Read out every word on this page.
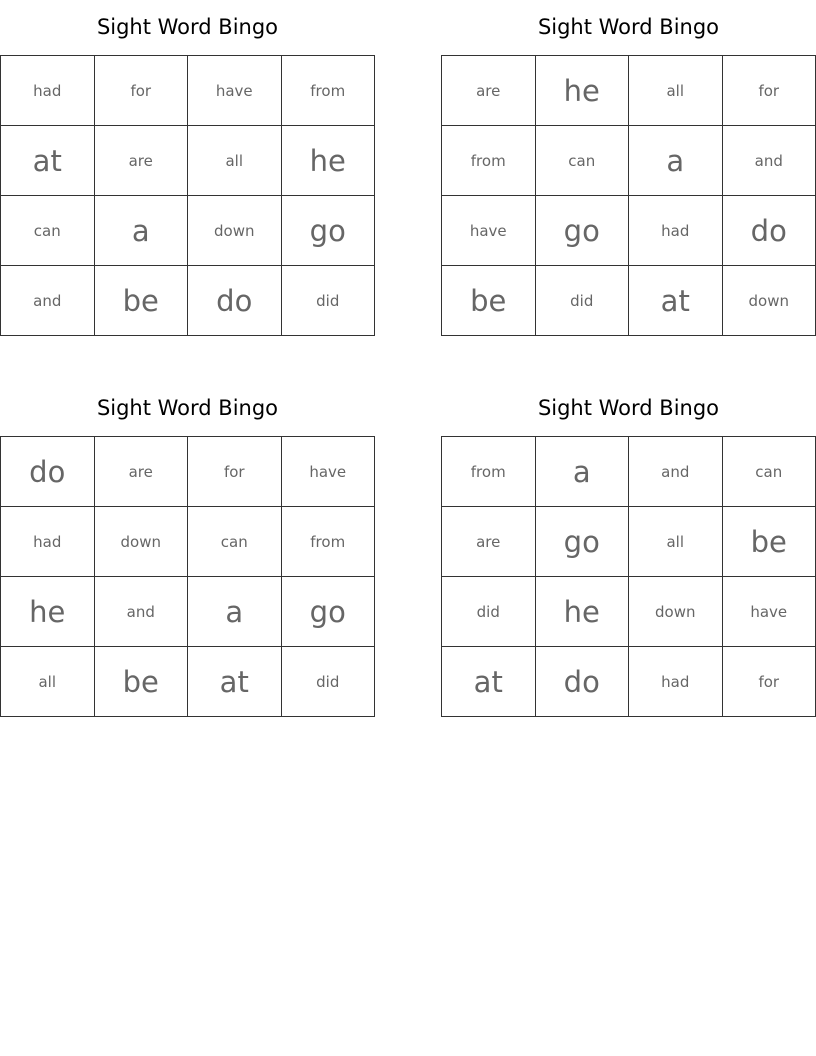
Sight Word Bingo
had	for	have	from
at	are	all	he
can	a	down	go
and	be	do	did
Sight Word Bingo
are	he	all	for
from	can	a	and
have	go	had	do
be	did	at	down
Sight Word Bingo
do	are	for	have
had	down	can	from
he	and	a	go
all	be	at	did
Sight Word Bingo
from	a	and	can
are	go	all	be
did	he	down	have
at	do	had	for
